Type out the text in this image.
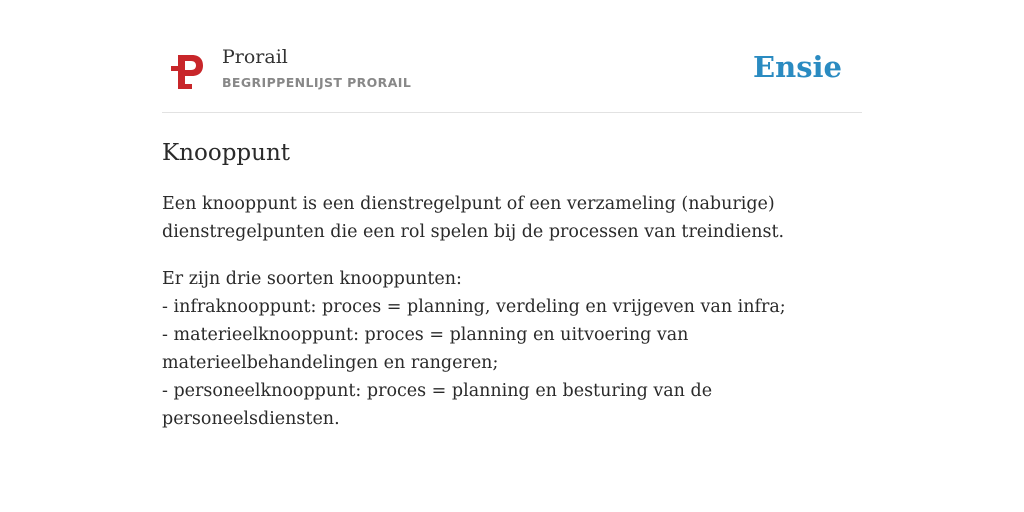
Prorail
BEGRIPPENLIJST PRORAIL	Ensie
Knooppunt

Een knooppunt is een dienstregelpunt of een verzameling (naburige)
dienstregelpunten die een rol spelen bij de processen van treindienst.

Er zijn drie soorten knooppunten:
- infraknooppunt: proces = planning, verdeling en vrijgeven van infra;
- materieelknooppunt: proces = planning en uitvoering van
materieelbehandelingen en rangeren;
- personeelknooppunt: proces = planning en besturing van de
personeelsdiensten.
